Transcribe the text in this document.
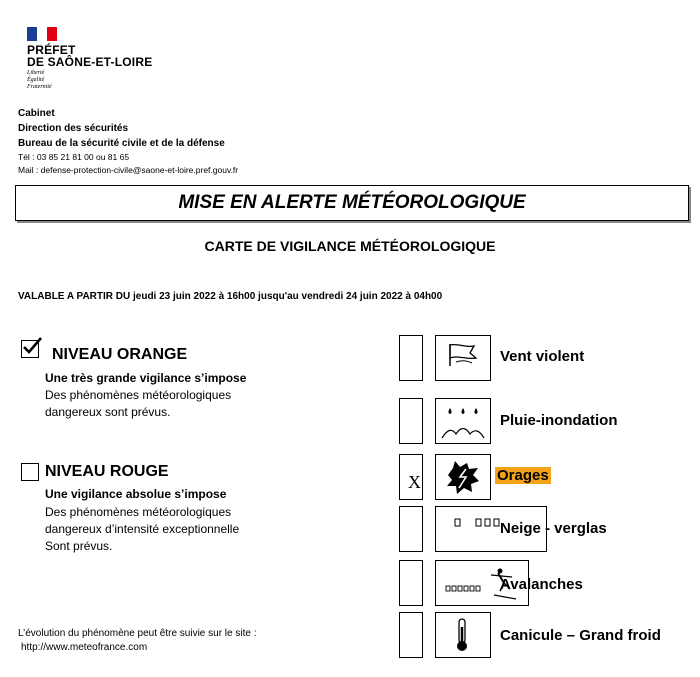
PRÉFET
DE SAÔNE-ET-LOIRE
Liberté
Égalité
Fraternité
Cabinet
Direction des sécurités
Bureau de la sécurité civile et de la défense
Tél : 03 85 21 81 00 ou 81 65
Mail : defense-protection-civile@saone-et-loire.pref.gouv.fr
MISE EN ALERTE MÉTÉOROLOGIQUE
CARTE DE VIGILANCE MÉTÉOROLOGIQUE
VALABLE A PARTIR DU jeudi 23 juin 2022 à 16h00 jusqu'au vendredi 24 juin 2022 à 04h00
NIVEAU ORANGE
Une très grande vigilance s’impose
Des phénomènes météorologiques
dangereux sont prévus.
NIVEAU ROUGE
Une vigilance absolue s’impose
Des phénomènes météorologiques
dangereux d’intensité exceptionnelle
Sont prévus.
Vent violent
Pluie-inondation
X	Orages
Neige - verglas
Avalanches
Canicule – Grand froid
L’évolution du phénomène peut être suivie sur le site :
http://www.meteofrance.com
